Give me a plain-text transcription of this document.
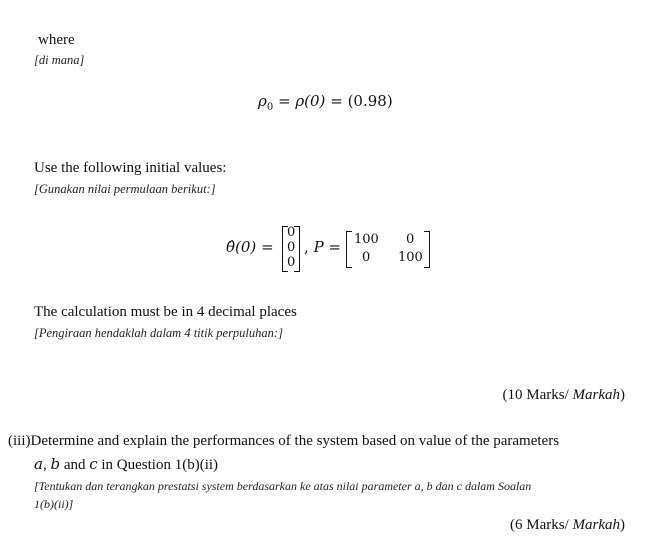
where
[di mana]
$\rho_0 = \rho(0) = (0.98)$
Use the following initial values:
[Gunakan nilai permulaan berikut:]
θ̂(0) =
0
0
0
, P = 100 0
0 100
The calculation must be in 4 decimal places
[Pengiraan hendaklah dalam 4 titik perpuluhan:]
(10 Marks/ Markah)
(iii)Determine and explain the performances of the system based on value of the parameters
a, b and c in Question 1(b)(ii)
[Tentukan dan terangkan prestatsi system berdasarkan ke atas nilai parameter a, b dan c dalam Soalan
1(b)(ii)]
(6 Marks/ Markah)
